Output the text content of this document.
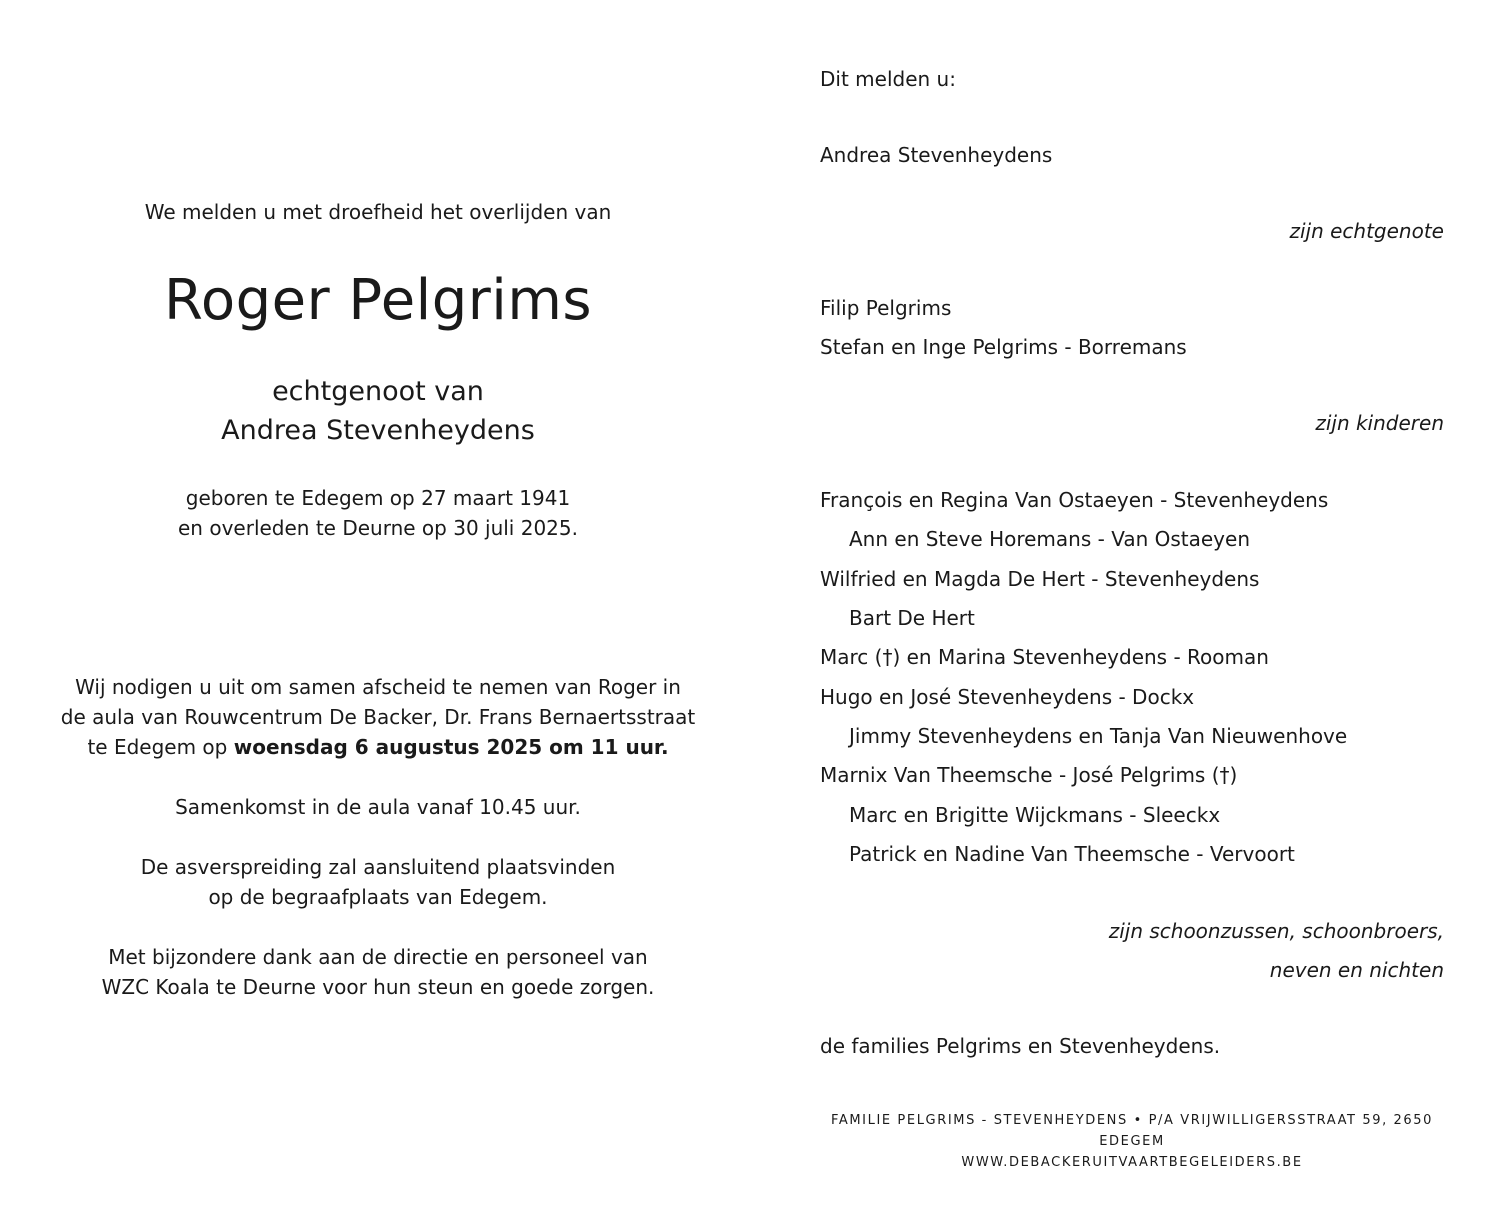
We melden u met droefheid het overlijden van
Roger Pelgrims
echtgenoot van
Andrea Stevenheydens
geboren te Edegem op 27 maart 1941
en overleden te Deurne op 30 juli 2025.
Wij nodigen u uit om samen afscheid te nemen van Roger in
de aula van Rouwcentrum De Backer, Dr. Frans Bernaertsstraat
te Edegem op woensdag 6 augustus 2025 om 11 uur.
Samenkomst in de aula vanaf 10.45 uur.
De asverspreiding zal aansluitend plaatsvinden
op de begraafplaats van Edegem.
Met bijzondere dank aan de directie en personeel van
WZC Koala te Deurne voor hun steun en goede zorgen.
Dit melden u:
Andrea Stevenheydens
zijn echtgenote
Filip Pelgrims
Stefan en Inge Pelgrims - Borremans
zijn kinderen
François en Regina Van Ostaeyen - Stevenheydens
Ann en Steve Horemans - Van Ostaeyen
Wilfried en Magda De Hert - Stevenheydens
Bart De Hert
Marc (†) en Marina Stevenheydens - Rooman
Hugo en José Stevenheydens - Dockx
Jimmy Stevenheydens en Tanja Van Nieuwenhove
Marnix Van Theemsche - José Pelgrims (†)
Marc en Brigitte Wijckmans - Sleeckx
Patrick en Nadine Van Theemsche - Vervoort
zijn schoonzussen, schoonbroers,
neven en nichten
de families Pelgrims en Stevenheydens.
FAMILIE PELGRIMS - STEVENHEYDENS • P/A VRIJWILLIGERSSTRAAT 59, 2650 EDEGEM
WWW.DEBACKERUITVAARTBEGELEIDERS.BE
